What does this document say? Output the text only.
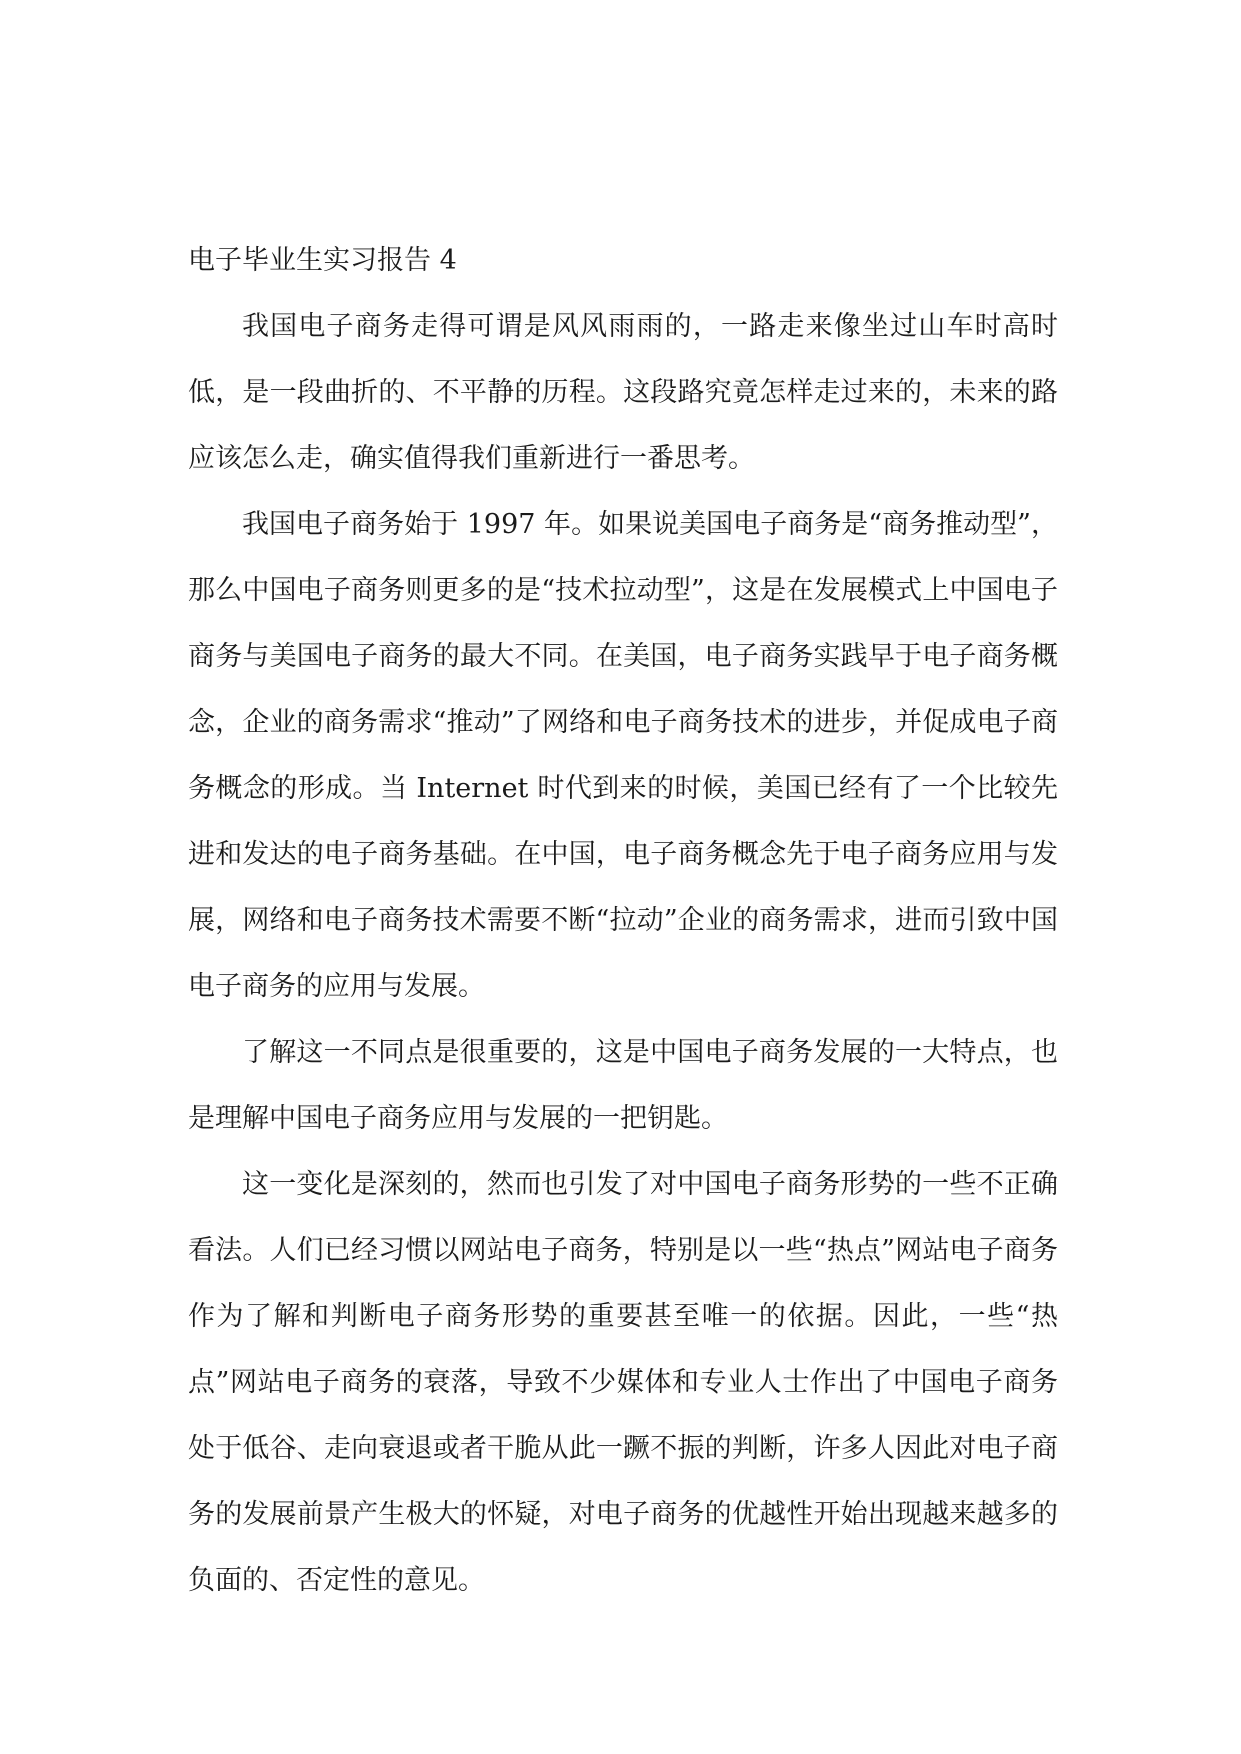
电子毕业生实习报告 4

我国电子商务走得可谓是风风雨雨的，一路走来像坐过山车时高时低，是一段曲折的、不平静的历程。这段路究竟怎样走过来的，未来的路应该怎么走，确实值得我们重新进行一番思考。

我国电子商务始于 1997 年。如果说美国电子商务是“商务推动型”，那么中国电子商务则更多的是“技术拉动型”，这是在发展模式上中国电子商务与美国电子商务的最大不同。在美国，电子商务实践早于电子商务概念，企业的商务需求“推动”了网络和电子商务技术的进步，并促成电子商务概念的形成。当 Internet 时代到来的时候，美国已经有了一个比较先进和发达的电子商务基础。在中国，电子商务概念先于电子商务应用与发展，网络和电子商务技术需要不断“拉动”企业的商务需求，进而引致中国电子商务的应用与发展。

了解这一不同点是很重要的，这是中国电子商务发展的一大特点，也是理解中国电子商务应用与发展的一把钥匙。

这一变化是深刻的，然而也引发了对中国电子商务形势的一些不正确看法。人们已经习惯以网站电子商务，特别是以一些“热点”网站电子商务作为了解和判断电子商务形势的重要甚至唯一的依据。因此，一些“热点”网站电子商务的衰落，导致不少媒体和专业人士作出了中国电子商务处于低谷、走向衰退或者干脆从此一蹶不振的判断，许多人因此对电子商务的发展前景产生极大的怀疑，对电子商务的优越性开始出现越来越多的负面的、否定性的意见。
